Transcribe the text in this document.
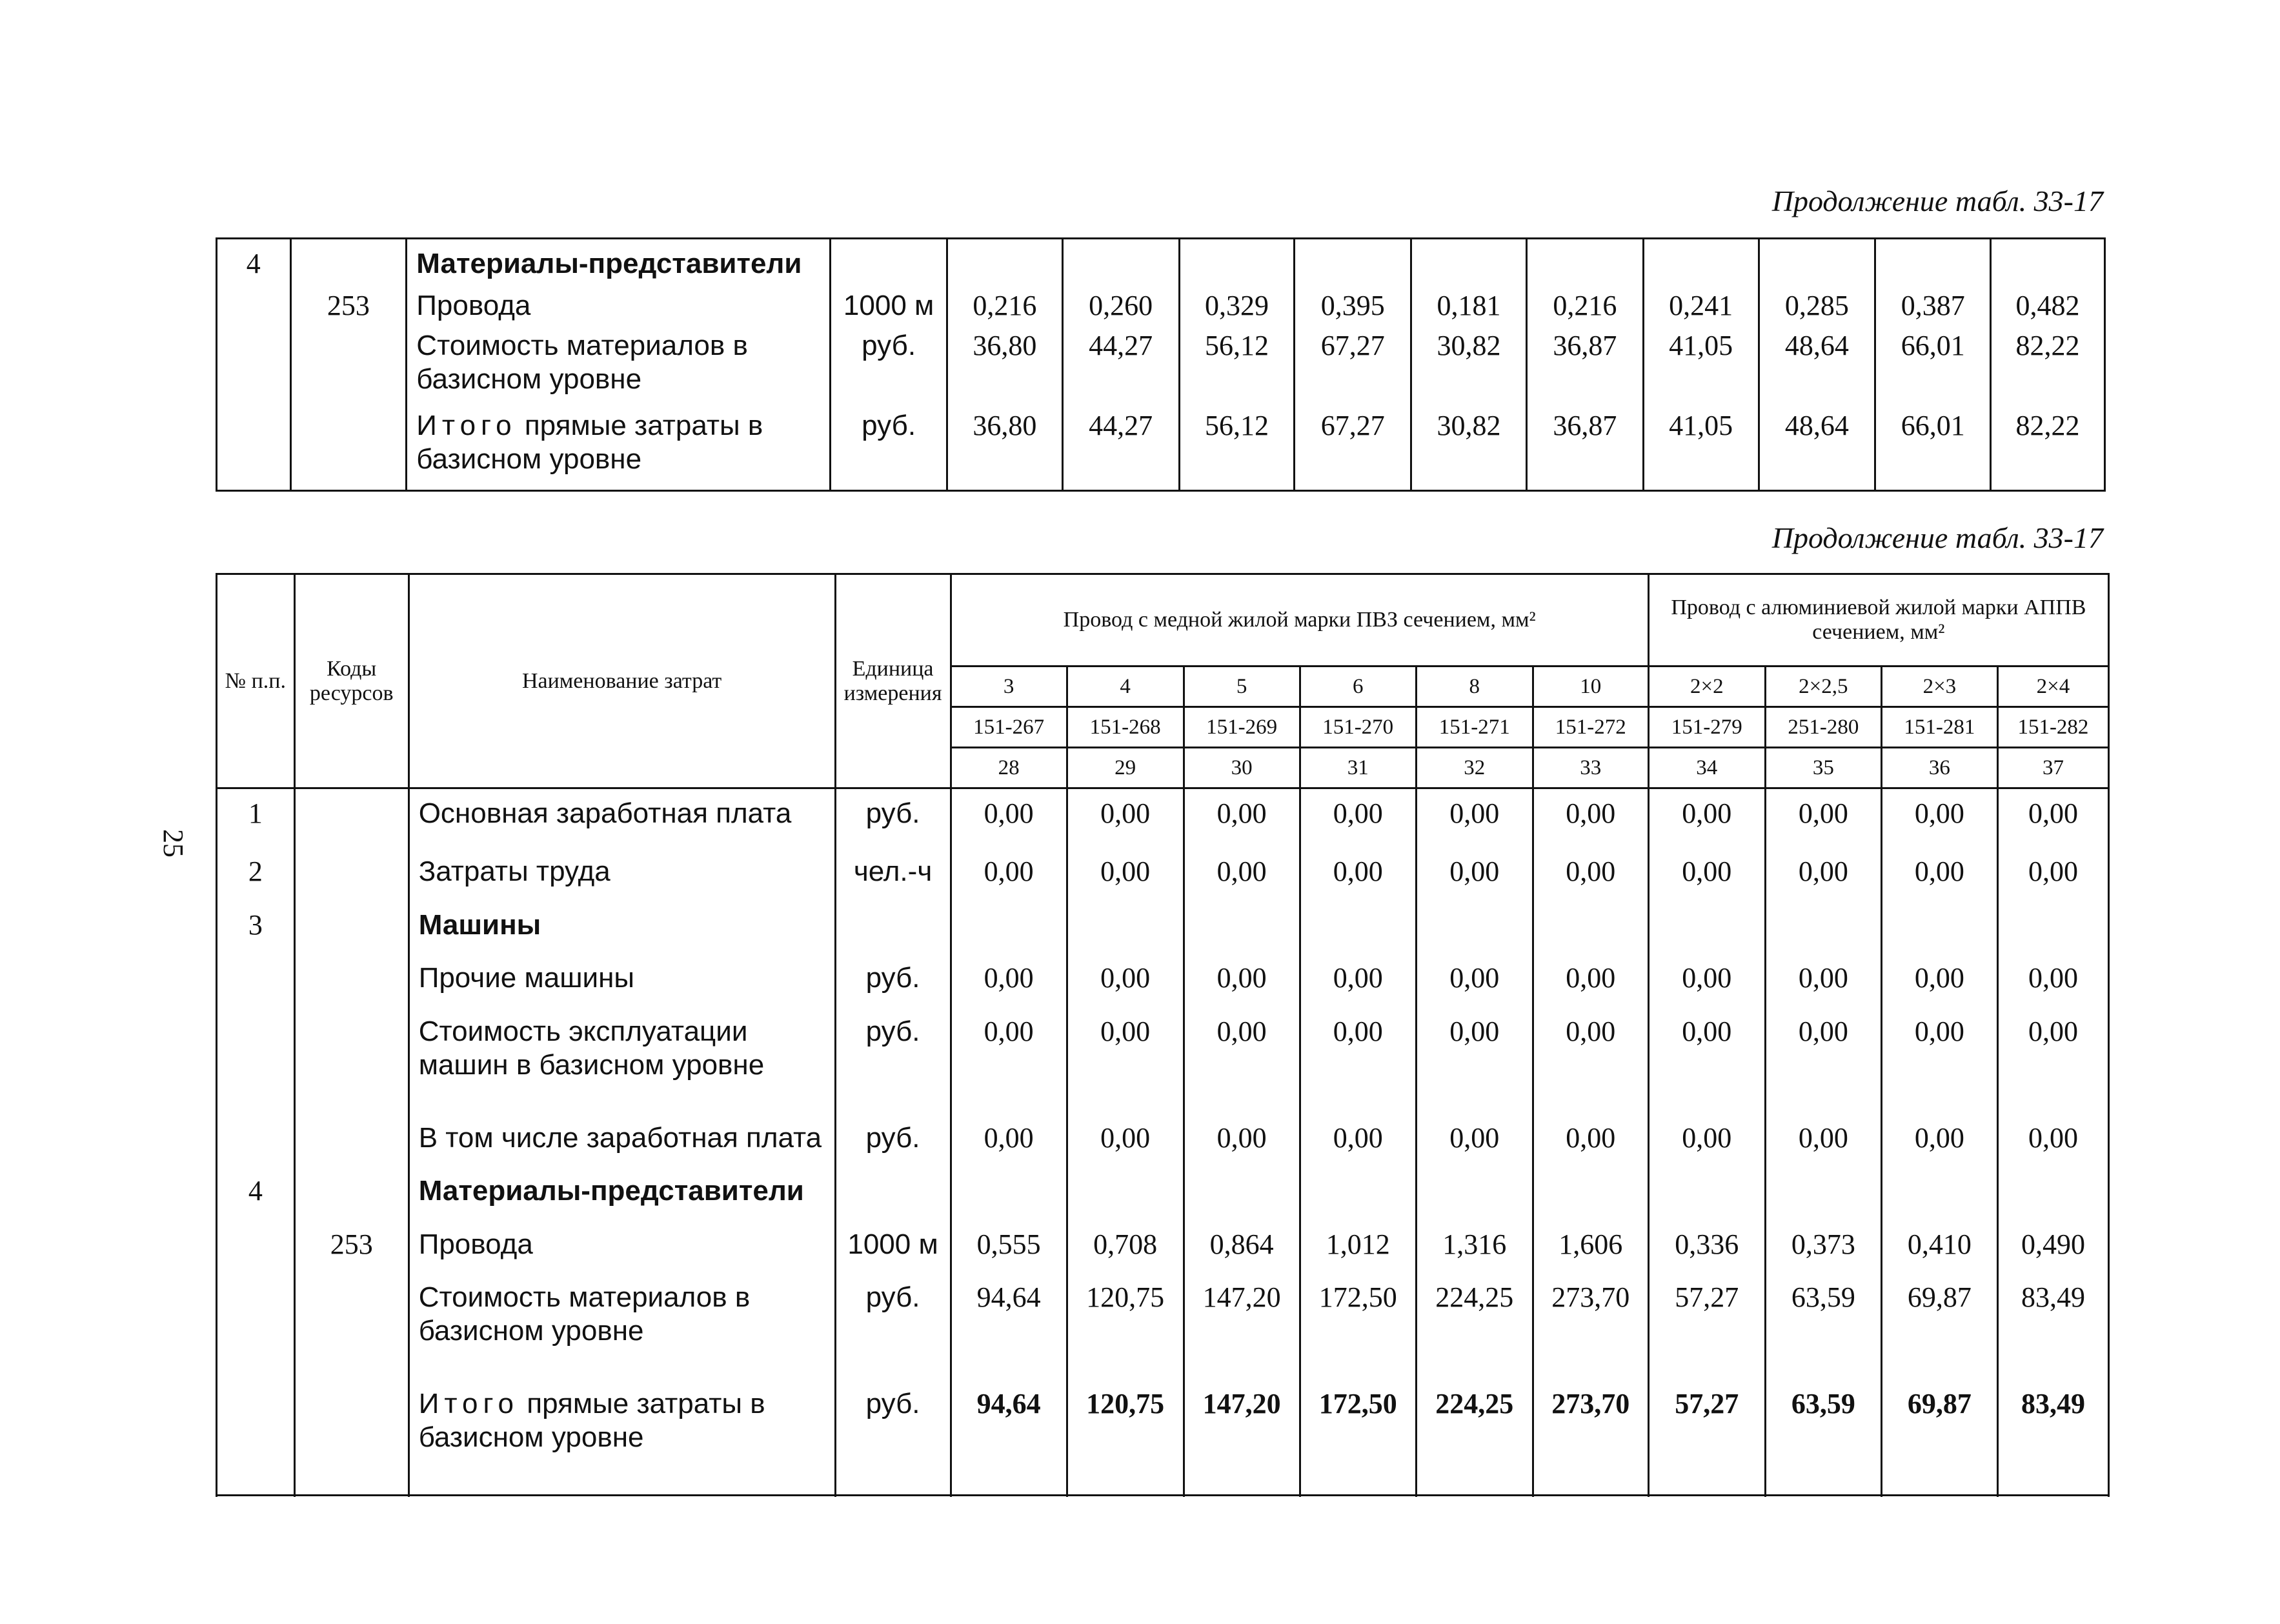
Продолжение табл. 33-17
Продолжение табл. 33-17
25
4		Материалы-представители											
	253	Провода	1000 м	0,216	0,260	0,329	0,395	0,181	0,216	0,241	0,285	0,387	0,482
		Стоимость материалов в базисном уровне	руб.	36,80	44,27	56,12	67,27	30,82	36,87	41,05	48,64	66,01	82,22
		Итого прямые затраты в базисном уровне	руб.	36,80	44,27	56,12	67,27	30,82	36,87	41,05	48,64	66,01	82,22

№ п.п.	Коды ресурсов	Наименование затрат	Единица измерения	Провод с медной жилой марки ПВЗ сечением, мм²						Провод с алюминиевой жилой марки АППВ сечением, мм²			
				3	4	5	6	8	10	2×2	2×2,5	2×3	2×4
				151-267	151-268	151-269	151-270	151-271	151-272	151-279	251-280	151-281	151-282
				28	29	30	31	32	33	34	35	36	37
1		Основная заработная плата	руб.	0,00	0,00	0,00	0,00	0,00	0,00	0,00	0,00	0,00	0,00
2		Затраты труда	чел.-ч	0,00	0,00	0,00	0,00	0,00	0,00	0,00	0,00	0,00	0,00
3		Машины											
		Прочие машины	руб.	0,00	0,00	0,00	0,00	0,00	0,00	0,00	0,00	0,00	0,00
		Стоимость эксплуатации машин в базисном уровне	руб.	0,00	0,00	0,00	0,00	0,00	0,00	0,00	0,00	0,00	0,00
		В том числе заработная плата	руб.	0,00	0,00	0,00	0,00	0,00	0,00	0,00	0,00	0,00	0,00
4		Материалы-представители											
	253	Провода	1000 м	0,555	0,708	0,864	1,012	1,316	1,606	0,336	0,373	0,410	0,490
		Стоимость материалов в базисном уровне	руб.	94,64	120,75	147,20	172,50	224,25	273,70	57,27	63,59	69,87	83,49
		Итого прямые затраты в базисном уровне	руб.	94,64	120,75	147,20	172,50	224,25	273,70	57,27	63,59	69,87	83,49
